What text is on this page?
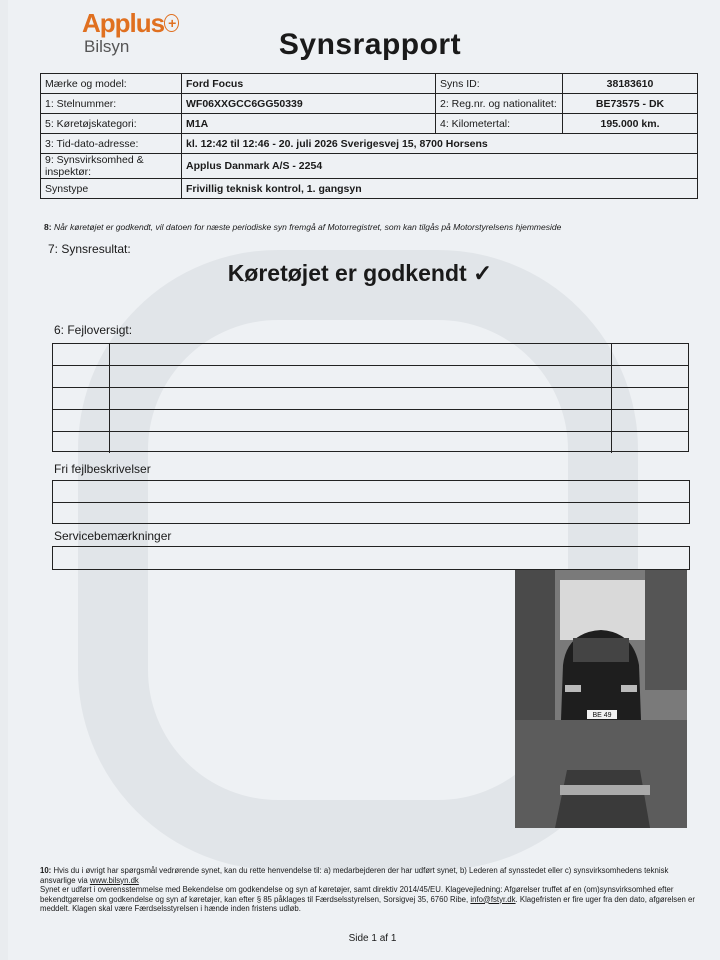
Applus +
Bilsyn	Synsrapport
Mærke og model:	Ford Focus	Syns ID:	38183610
1: Stelnummer:	WF06XXGCC6GG50339	2: Reg.nr. og nationalitet:	BE73575 - DK
5: Køretøjskategori:	M1A	4: Kilometertal:	195.000 km.
3: Tid-dato-adresse:	kl. 12:42 til 12:46 - 20. juli 2026 Sverigesvej 15, 8700 Horsens		
9: Synsvirksomhed & inspektør:	Applus Danmark A/S - 2254		
Synstype	Frivillig teknisk kontrol, 1. gangsyn		
8: Når køretøjet er godkendt, vil datoen for næste periodiske syn fremgå af Motorregistret, som kan tilgås på Motorstyrelsens hjemmeside
7: Synsresultat:
Køretøjet er godkendt ✓
6: Fejloversigt:
Fri fejlbeskrivelser
Servicebemærkninger
BE 49
10: Hvis du i øvrigt har spørgsmål vedrørende synet, kan du rette henvendelse til: a) medarbejderen der har udført synet, b) Lederen af synsstedet eller c) synsvirksomhedens teknisk ansvarlige via www.bilsyn.dk
Synet er udført i overensstemmelse med Bekendelse om godkendelse og syn af køretøjer, samt direktiv 2014/45/EU. Klagevejledning: Afgørelser truffet af en (om)synsvirksomhed efter bekendtgørelse om godkendelse og syn af køretøjer, kan efter § 85 påklages til Færdselsstyrelsen, Sorsigvej 35, 6760 Ribe, info@fstyr.dk. Klagefristen er fire uger fra den dato, afgørelsen er meddelt. Klagen skal være Færdselsstyrelsen i hænde inden fristens udløb.
Side 1 af 1
